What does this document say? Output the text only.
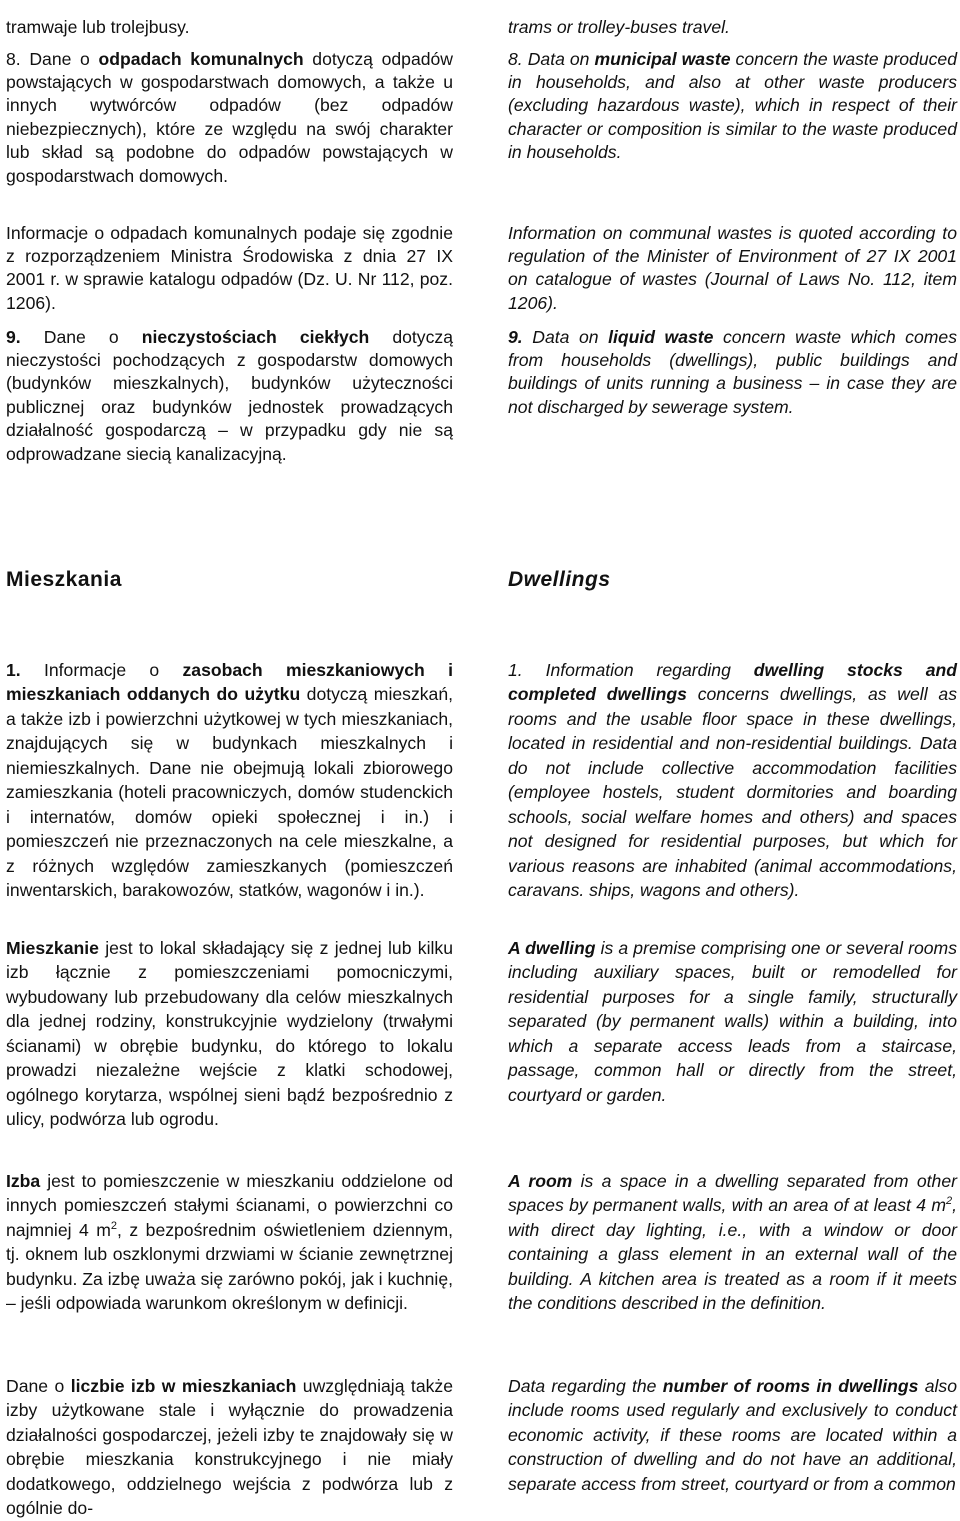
tramwaje lub trolejbusy.

8. Dane o odpadach komunalnych dotyczą odpadów powstających w gospodarstwach domowych, a także u innych wytwórców odpadów (bez odpadów niebezpiecznych), które ze względu na swój charakter lub skład są podobne do odpadów powstających w gospodarstwach domowych.

Informacje o odpadach komunalnych podaje się zgodnie z rozporządzeniem Ministra Środowiska z dnia 27 IX 2001 r. w sprawie katalogu odpadów (Dz. U. Nr 112, poz. 1206).

9. Dane o nieczystościach ciekłych dotyczą nieczystości pochodzących z gospodarstw domowych (budynków mieszkalnych), budynków użyteczności publicznej oraz budynków jednostek prowadzących działalność gospodarczą – w przypadku gdy nie są odprowadzane siecią kanalizacyjną.

Mieszkania

1. Informacje o zasobach mieszkaniowych i mieszkaniach oddanych do użytku dotyczą mieszkań, a także izb i powierzchni użytkowej w tych mieszkaniach, znajdujących się w budynkach mieszkalnych i niemieszkalnych. Dane nie obejmują lokali zbiorowego zamieszkania (hoteli pracowniczych, domów studenckich i internatów, domów opieki społecznej i in.) i pomieszczeń nie przeznaczonych na cele mieszkalne, a z różnych względów zamieszkanych (pomieszczeń inwentarskich, barakowozów, statków, wagonów i in.).

Mieszkanie jest to lokal składający się z jednej lub kilku izb łącznie z pomieszczeniami pomocniczymi, wybudowany lub przebudowany dla celów mieszkalnych dla jednej rodziny, konstrukcyjnie wydzielony (trwałymi ścianami) w obrębie budynku, do którego to lokalu prowadzi niezależne wejście z klatki schodowej, ogólnego korytarza, wspólnej sieni bądź bezpośrednio z ulicy, podwórza lub ogrodu.

Izba jest to pomieszczenie w mieszkaniu oddzielone od innych pomieszczeń stałymi ścianami, o powierzchni co najmniej 4 $m^2$, z bezpośrednim oświetleniem dziennym, tj. oknem lub oszklonymi drzwiami w ścianie zewnętrznej budynku. Za izbę uważa się zarówno pokój, jak i kuchnię, – jeśli odpowiada warunkom określonym w definicji.

Dane o liczbie izb w mieszkaniach uwzględniają także izby użytkowane stale i wyłącznie do prowadzenia działalności gospodarczej, jeżeli izby te znajdowały się w obrębie mieszkania konstrukcyjnego i nie miały dodatkowego, oddzielnego wejścia z podwórza lub z ogólnie do-

trams or trolley-buses travel.

8. Data on municipal waste concern the waste produced in households, and also at other waste producers (excluding hazardous waste), which in respect of their character or composition is similar to the waste produced in households.

Information on communal wastes is quoted according to regulation of the Minister of Environment of 27 IX 2001 on catalogue of wastes (Journal of Laws No. 112, item 1206).

9. Data on liquid waste concern waste which comes from households (dwellings), public buildings and buildings of units running a business – in case they are not discharged by sewerage system.

Dwellings

1. Information regarding dwelling stocks and completed dwellings concerns dwellings, as well as rooms and the usable floor space in these dwellings, located in residential and non-residential buildings. Data do not include collective accommodation facilities (employee hostels, student dormitories and boarding schools, social welfare homes and others) and spaces not designed for residential purposes, but which for various reasons are inhabited (animal accommodations, caravans. ships, wagons and others).

A dwelling is a premise comprising one or several rooms including auxiliary spaces, built or remodelled for residential purposes for a single family, structurally separated (by permanent walls) within a building, into which a separate access leads from a staircase, passage, common hall or directly from the street, courtyard or garden.

A room is a space in a dwelling separated from other spaces by permanent walls, with an area of at least 4 $m^2$, with direct day lighting, i.e., with a window or door containing a glass element in an external wall of the building. A kitchen area is treated as a room if it meets the conditions described in the definition.

Data regarding the number of rooms in dwellings also include rooms used regularly and exclusively to conduct economic activity, if these rooms are located within a construction of dwelling and do not have an additional, separate access from street, courtyard or from a common
